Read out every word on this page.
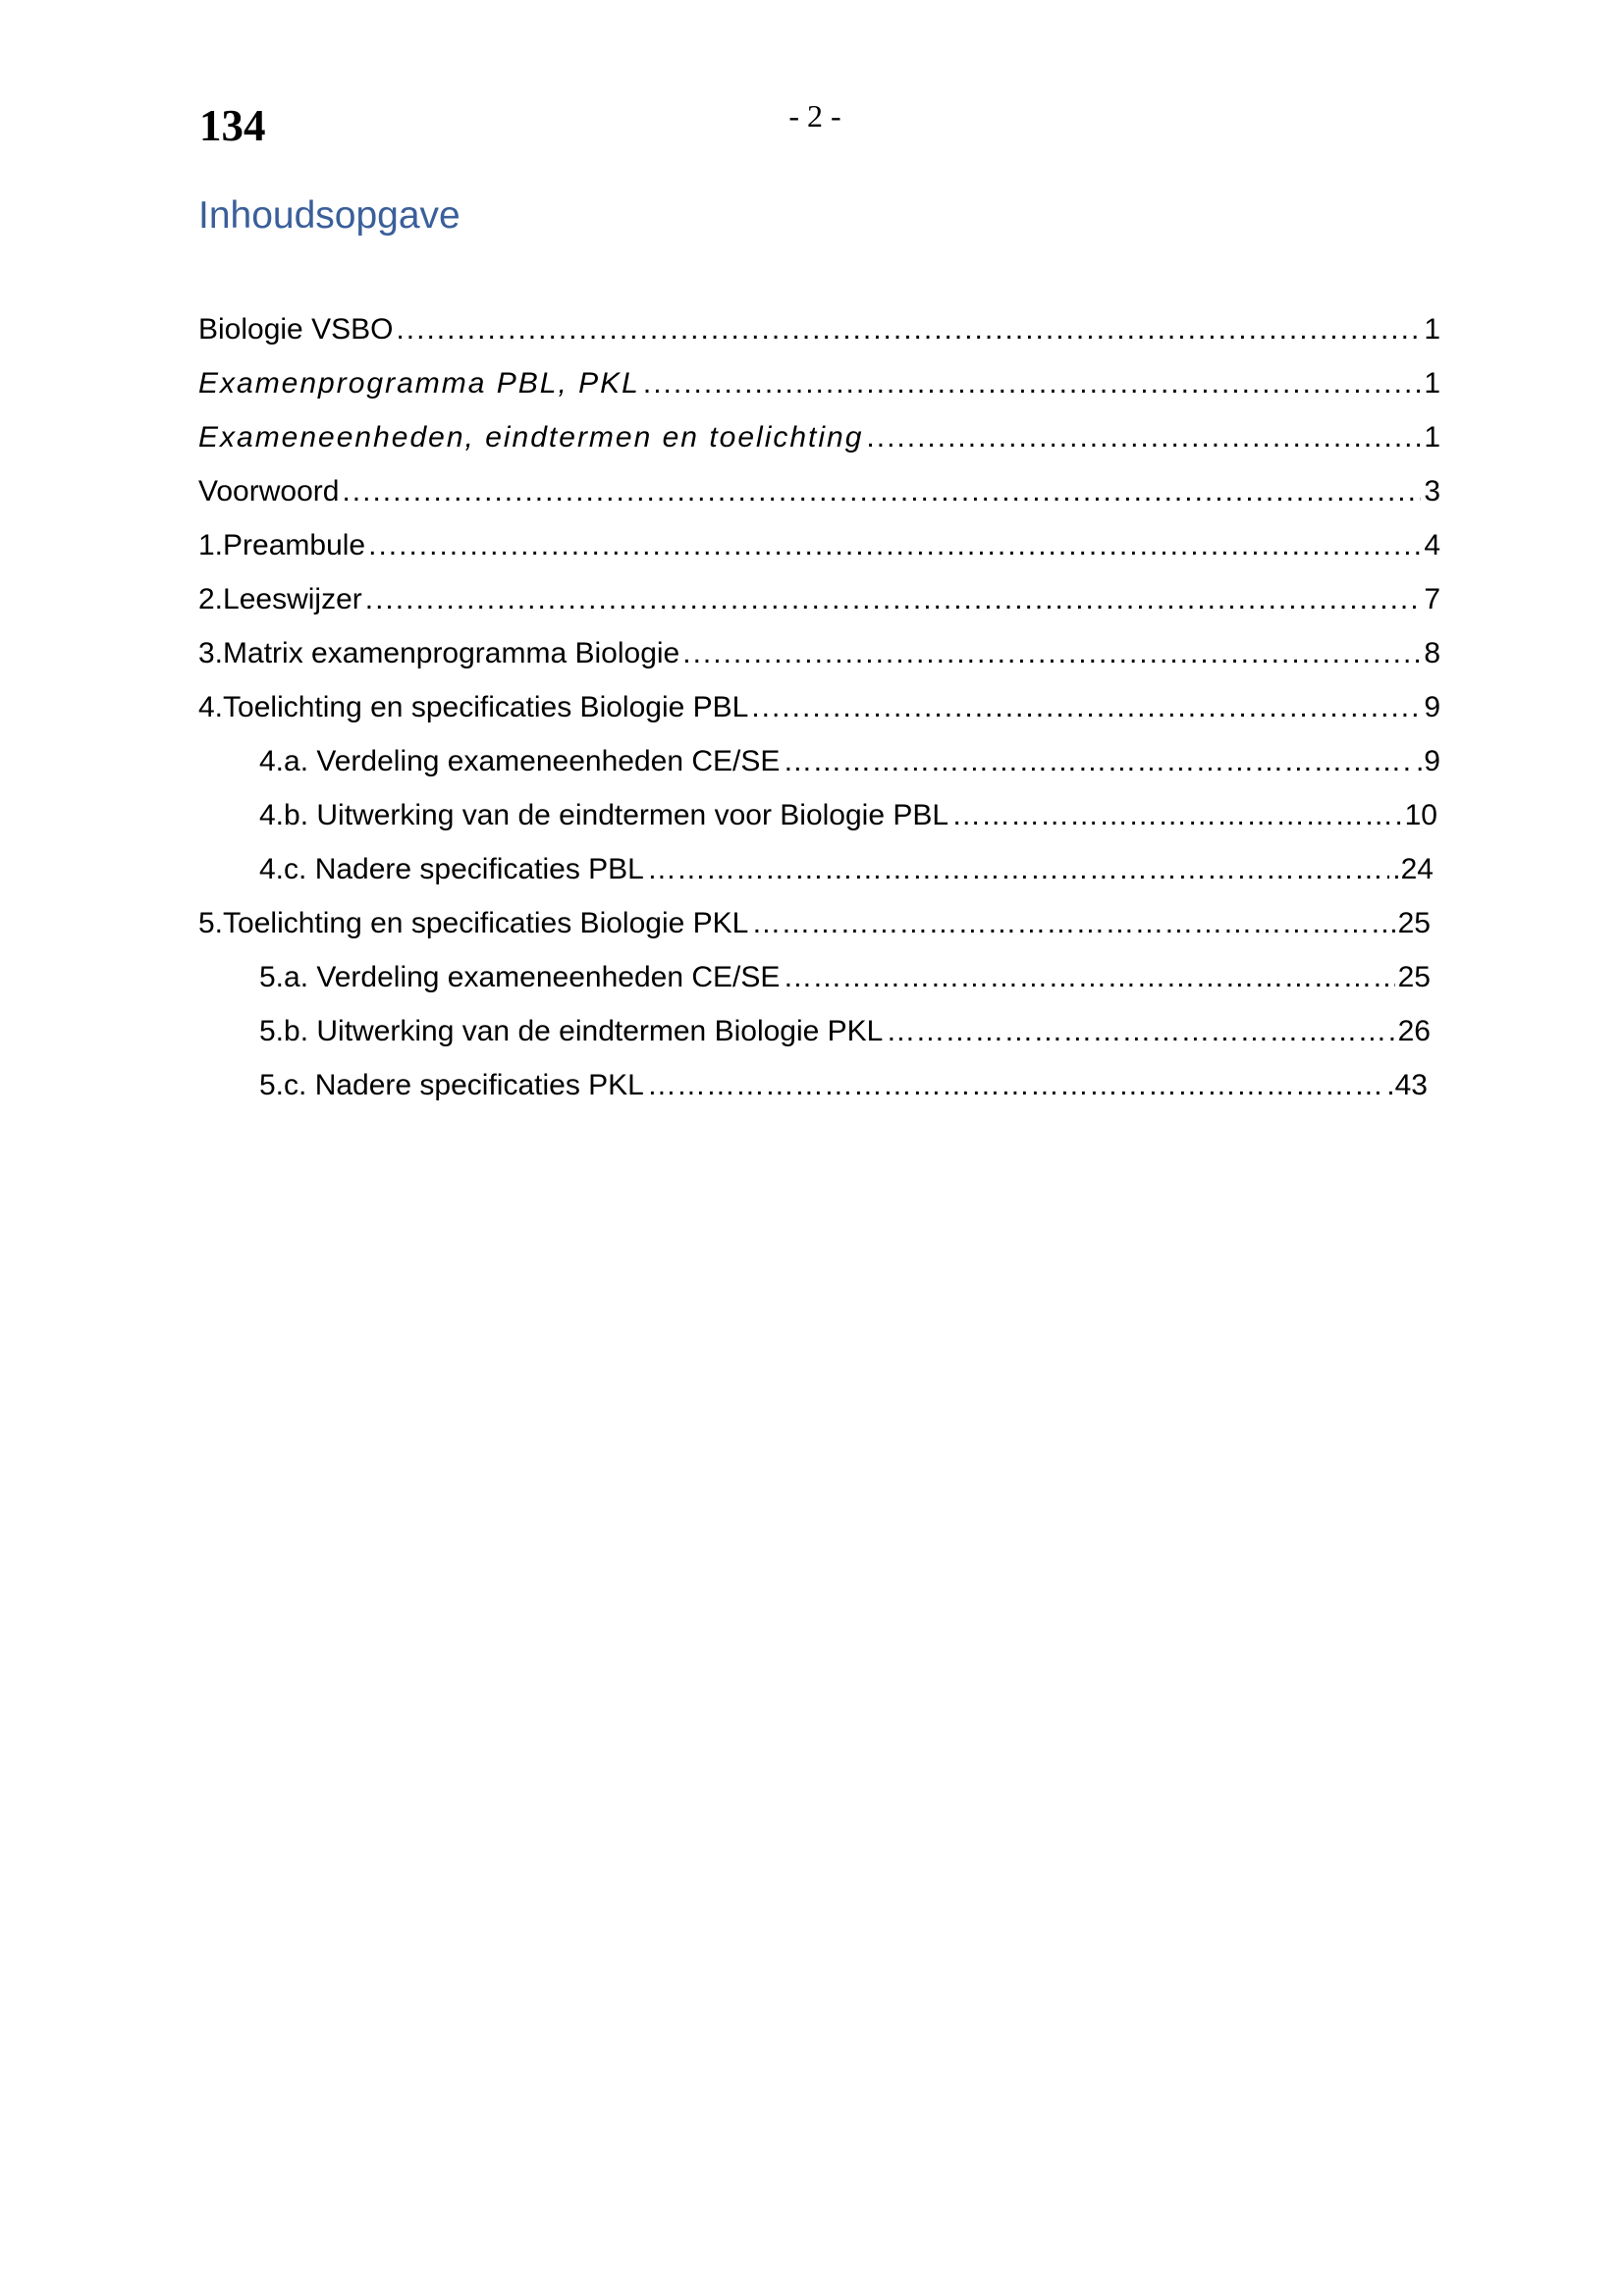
134	- 2 -
Inhoudsopgave
Biologie VSBO .....	1
Examenprogramma PBL, PKL .....	1
Exameneenheden, eindtermen en toelichting .....	1
Voorwoord .....	3
1. Preambule .....	4
2. Leeswijzer .....	7
3. Matrix examenprogramma Biologie .....	8
4. Toelichting en specificaties Biologie PBL .....	9
4.a. Verdeling exameneenheden CE/SE ………………………………………………………………………………………………………………………………………………………………………	.9
4.b. Uitwerking van de eindtermen voor Biologie PBL ………………………………………………………………………………………………………………………………………………………………………	10
4.c. Nadere specificaties PBL ………………………………………………………………………………………………………………………………………………………………………	.24
5. Toelichting en specificaties Biologie PKL ………………………………………………………………………………………………………………………………………………………………………	.25
5.a. Verdeling exameneenheden CE/SE ………………………………………………………………………………………………………………………………………………………………………	25
5.b. Uitwerking van de eindtermen Biologie PKL ………………………………………………………………………………………………………………………………………………………………………	26
5.c. Nadere specificaties PKL ………………………………………………………………………………………………………………………………………………………………………	.43
